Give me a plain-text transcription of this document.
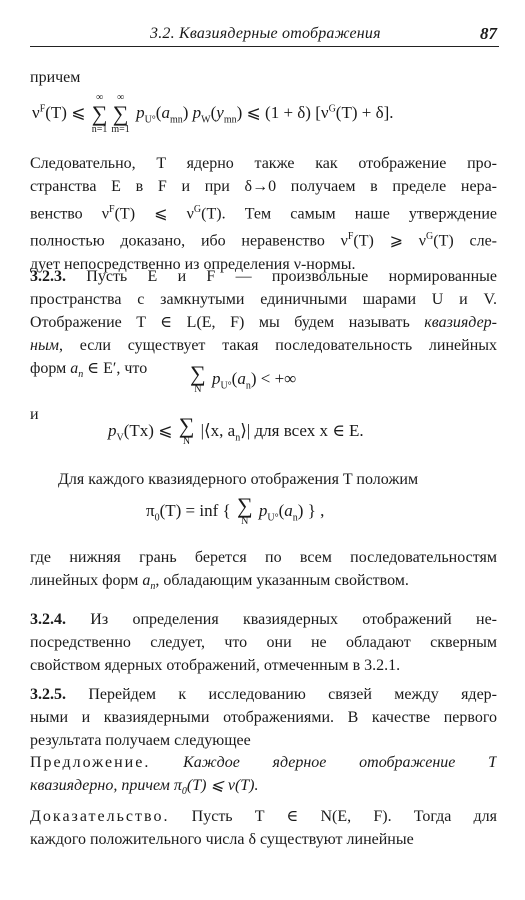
3.2. Квазиядерные отображения	87
причем
$\nu^F(T)$ ⩽
∞
∑
n=1
∞
∑
m=1
$p_{U^\circ}(a_{mn})$ $p_W(y_{mn})$ ⩽ (1 + δ) $[\nu^G(T) + \delta]$.
Следовательно, T ядерно также как отображение про-
странства E в F и при δ→0 получаем в пределе нера-
венство $\nu^F(T)$ ⩽ $\nu^G(T)$. Тем самым наше утверждение
полностью доказано, ибо неравенство $\nu^F(T)$ ⩾ $\nu^G(T)$ сле-
дует непосредственно из определения ν-нормы.
3.2.3. Пусть E и F — произвольные нормированные
пространства с замкнутыми единичными шарами U и V.
Отображение T ∈ L(E, F) мы будем называть квазиядер-
ным, если существует такая последовательность линейных
форм $a_n$ ∈ E′, что	∑
N
$p_{U^\circ}(a_n)$ < +∞
и
$p_V(Tx)$ ⩽ ∑
N
|⟨x, $a_n⟩|$ для всех x ∈ E.
Для каждого квазиядерного отображения T положим
$\pi_0(T)$ = inf { ∑
N
$p_{U^\circ}(a_n)$ } ,
где нижняя грань берется по всем последовательностям
линейных форм $a_n$, обладающим указанным свойством.
3.2.4. Из определения квазиядерных отображений не-
посредственно следует, что они не обладают скверным
свойством ядерных отображений, отмеченным в 3.2.1.
3.2.5. Перейдем к исследованию связей между ядер-
ными и квазиядерными отображениями. В качестве первого
результата получаем следующее
Предложение. Каждое ядерное отображение T
квазиядерно, причем $\pi_0(T)$ ⩽ ν(T).
Доказательство. Пусть T ∈ N(E, F). Тогда для
каждого положительного числа δ существуют линейные
